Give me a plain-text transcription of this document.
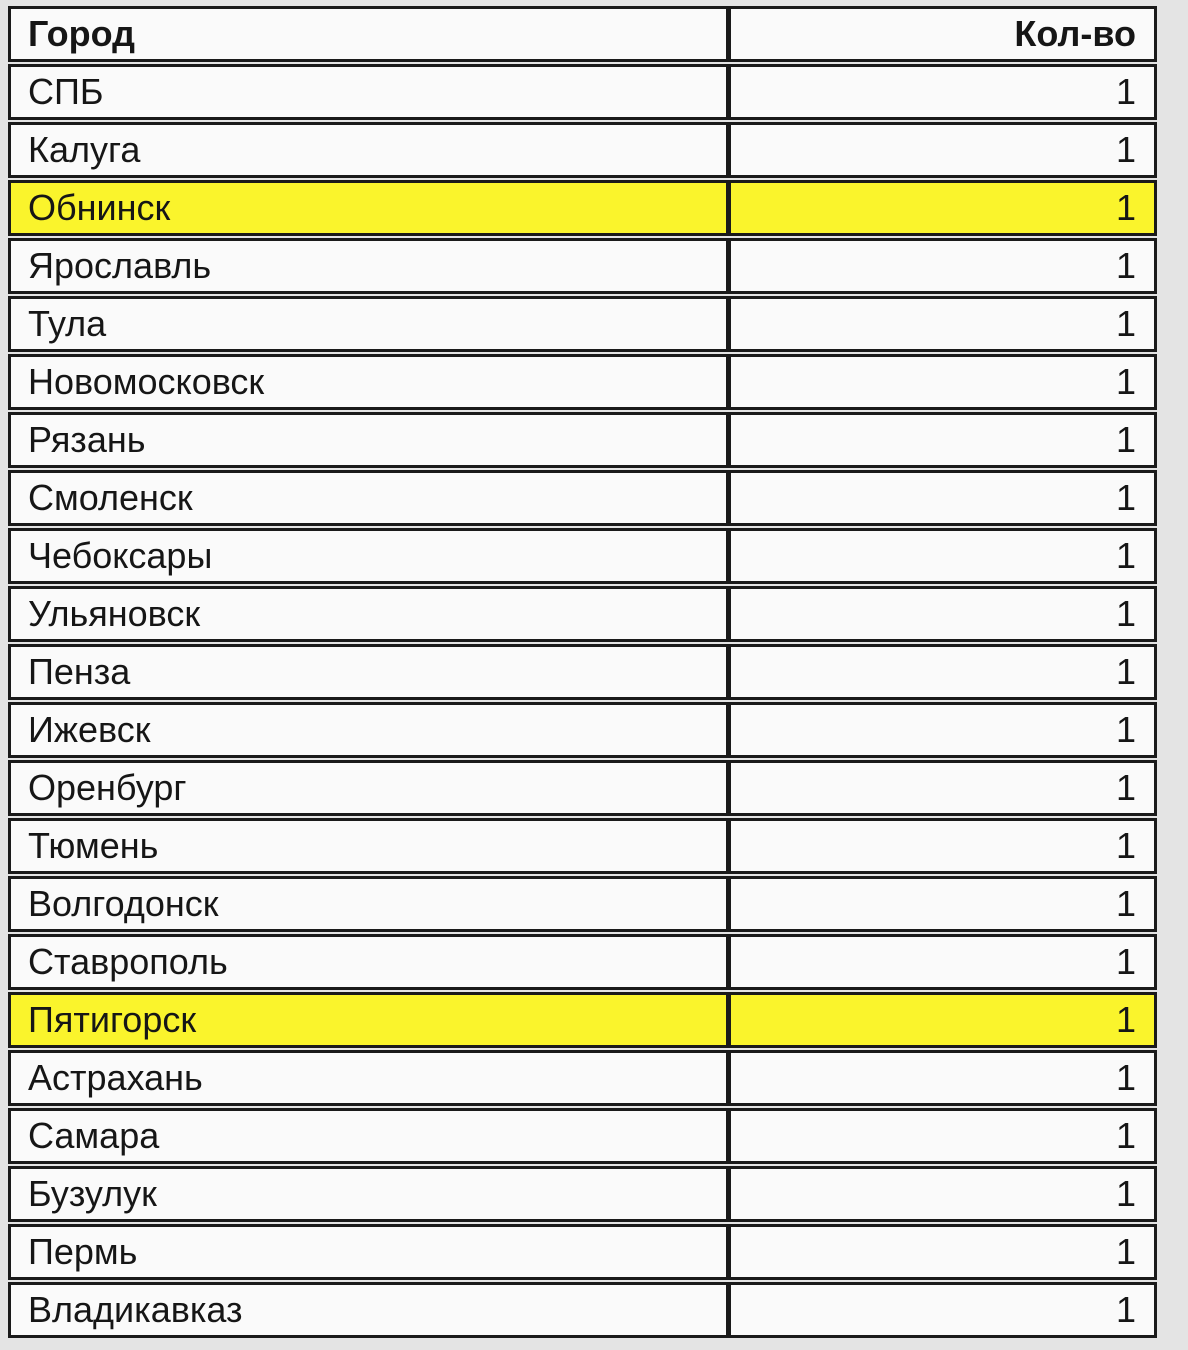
Город	Кол-во
СПБ	1
Калуга	1
Обнинск	1
Ярославль	1
Тула	1
Новомосковск	1
Рязань	1
Смоленск	1
Чебоксары	1
Ульяновск	1
Пенза	1
Ижевск	1
Оренбург	1
Тюмень	1
Волгодонск	1
Ставрополь	1
Пятигорск	1
Астрахань	1
Самара	1
Бузулук	1
Пермь	1
Владикавказ	1
